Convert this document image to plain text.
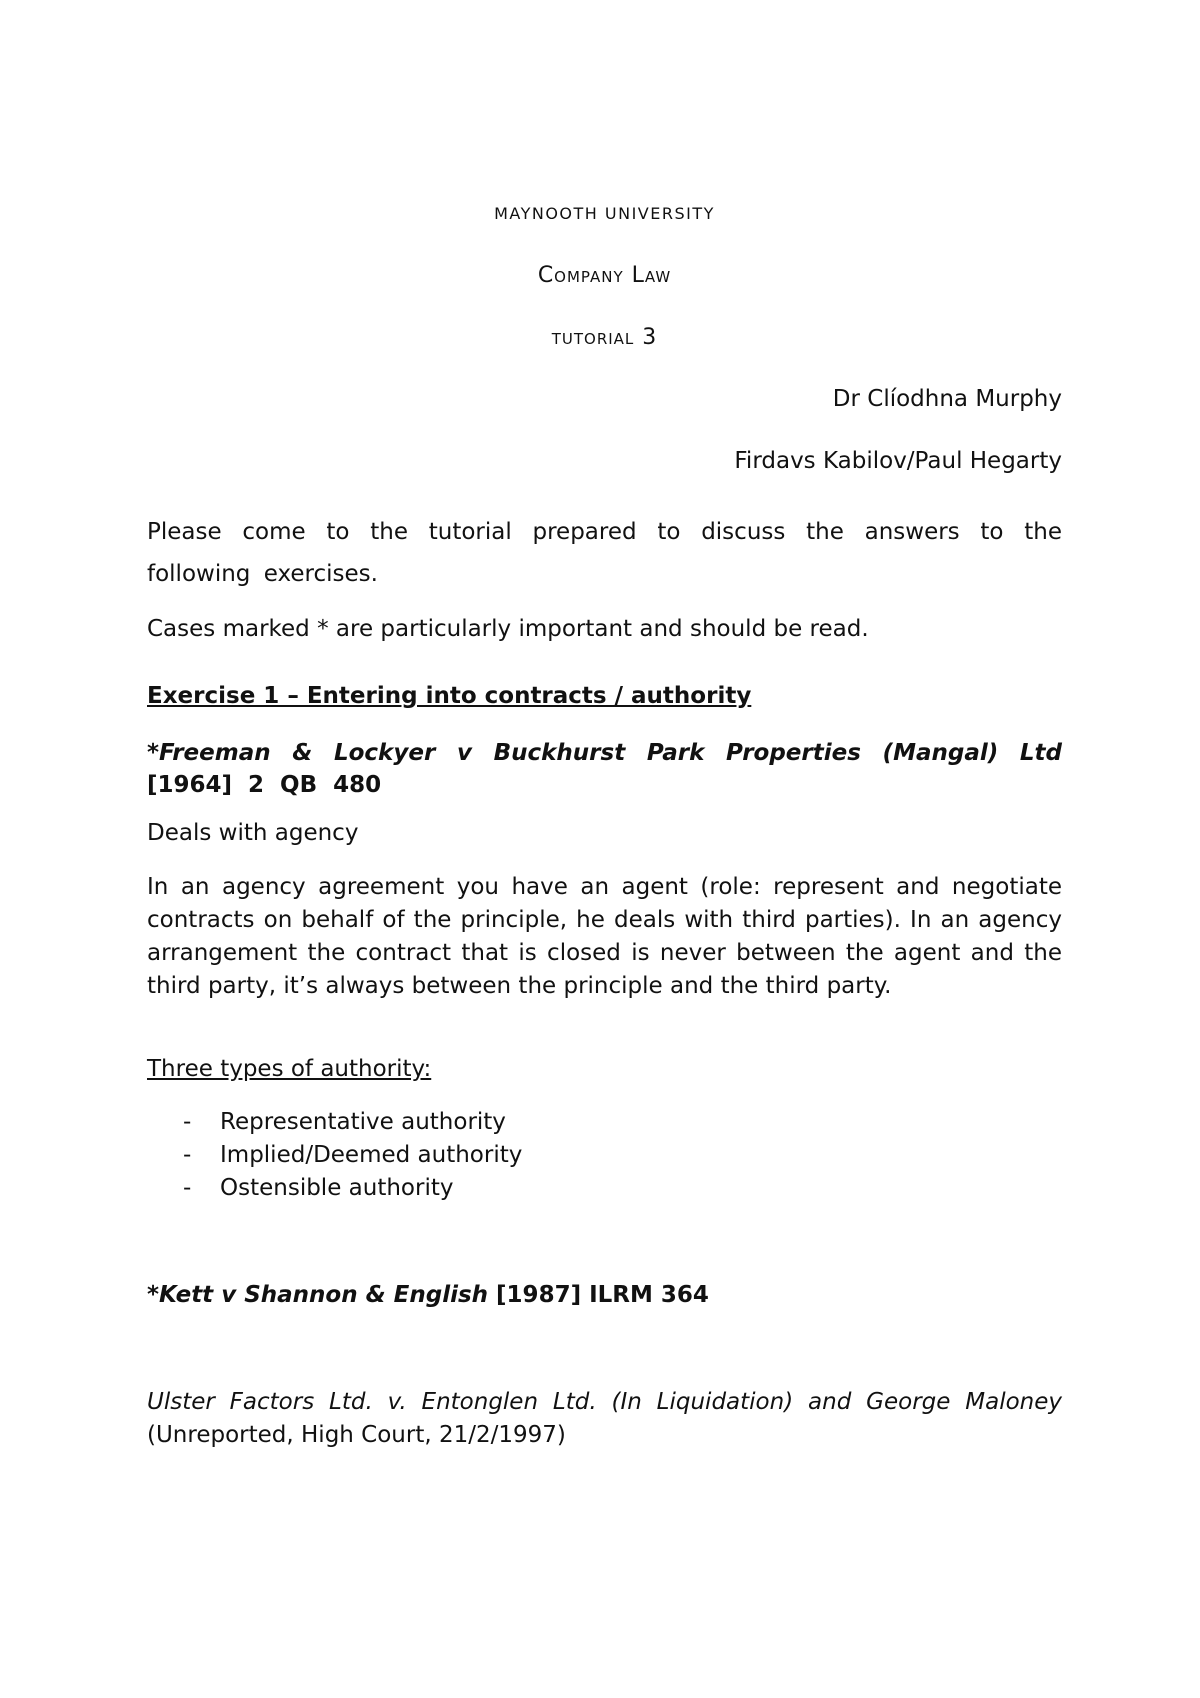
MAYNOOTH UNIVERSITY
Company Law
tutorial 3
Dr Clíodhna Murphy
Firdavs Kabilov/Paul Hegarty
Please come to the tutorial prepared to discuss the answers to the following exercises.
Cases marked * are particularly important and should be read.
Exercise 1 – Entering into contracts / authority
*Freeman & Lockyer v Buckhurst Park Properties (Mangal) Ltd [1964] 2 QB 480
Deals with agency
In an agency agreement you have an agent (role: represent and negotiate contracts on behalf of the principle, he deals with third parties). In an agency arrangement the contract that is closed is never between the agent and the third party, it’s always between the principle and the third party.
Three types of authority:
- Representative authority
- Implied/Deemed authority
- Ostensible authority
*Kett v Shannon & English [1987] ILRM 364
Ulster Factors Ltd. v. Entonglen Ltd. (In Liquidation) and George Maloney (Unreported, High Court, 21/2/1997)
